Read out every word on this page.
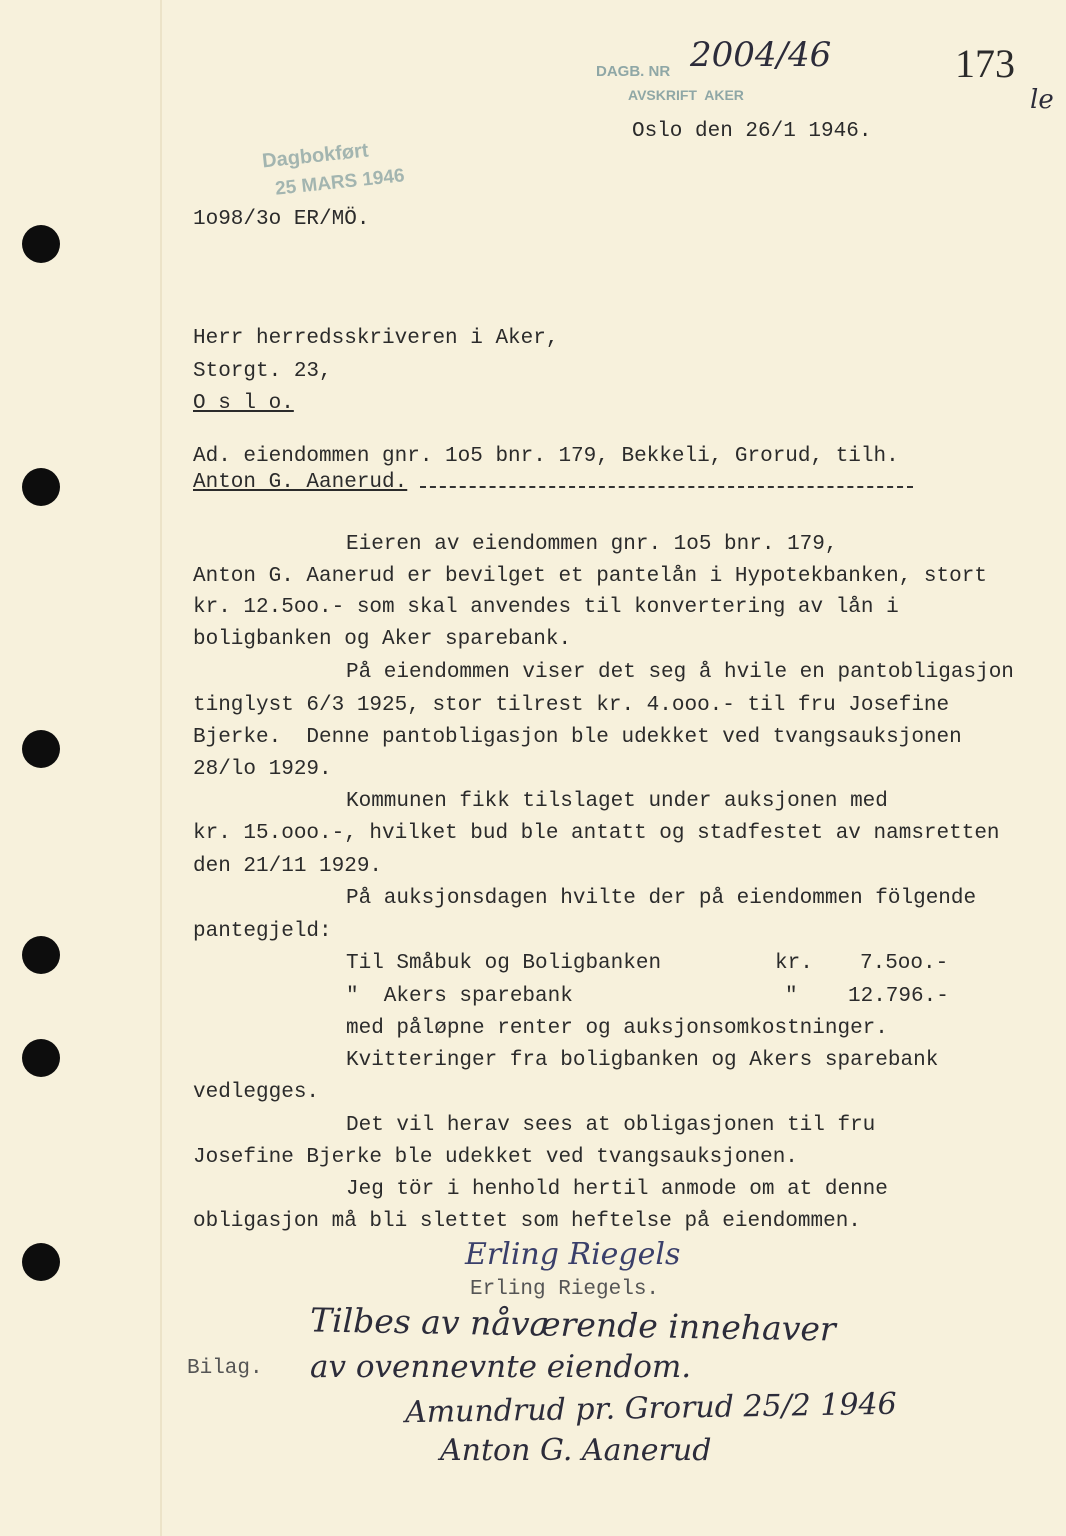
DAGB. NR 2004/46
AVSKRIFT  AKER
Dagbokført
25 MARS 1946
173
le
Oslo den 26/1 1946.
1o98/3o ER/MÖ.
Herr herredsskriveren i Aker,
Storgt. 23,
O s l o.
Ad. eiendommen gnr. 1o5 bnr. 179, Bekkeli, Grorud, tilh.
Anton G. Aanerud.
Eieren av eiendommen gnr. 1o5 bnr. 179,
Anton G. Aanerud er bevilget et pantelån i Hypotekbanken, stort
kr. 12.5oo.- som skal anvendes til konvertering av lån i
boligbanken og Aker sparebank.
På eiendommen viser det seg å hvile en pantobligasjon
tinglyst 6/3 1925, stor tilrest kr. 4.ooo.- til fru Josefine
Bjerke.  Denne pantobligasjon ble udekket ved tvangsauksjonen
28/lo 1929.
Kommunen fikk tilslaget under auksjonen med
kr. 15.ooo.-, hvilket bud ble antatt og stadfestet av namsretten
den 21/11 1929.
På auksjonsdagen hvilte der på eiendommen fölgende
pantegjeld:
Til Småbuk og Boligbanken	kr. 7.5oo.-
"  Akers sparebank	" 12.796.-
med påløpne renter og auksjonsomkostninger.
Kvitteringer fra boligbanken og Akers sparebank
vedlegges.
Det vil herav sees at obligasjonen til fru
Josefine Bjerke ble udekket ved tvangsauksjonen.
Jeg tör i henhold hertil anmode om at denne
obligasjon må bli slettet som heftelse på eiendommen.
Erling Riegels
Erling Riegels.
Bilag.
Tilbes av nåværende innehaver
av ovennevnte eiendom.
Amundrud pr. Grorud 25/2 1946
Anton G. Aanerud
